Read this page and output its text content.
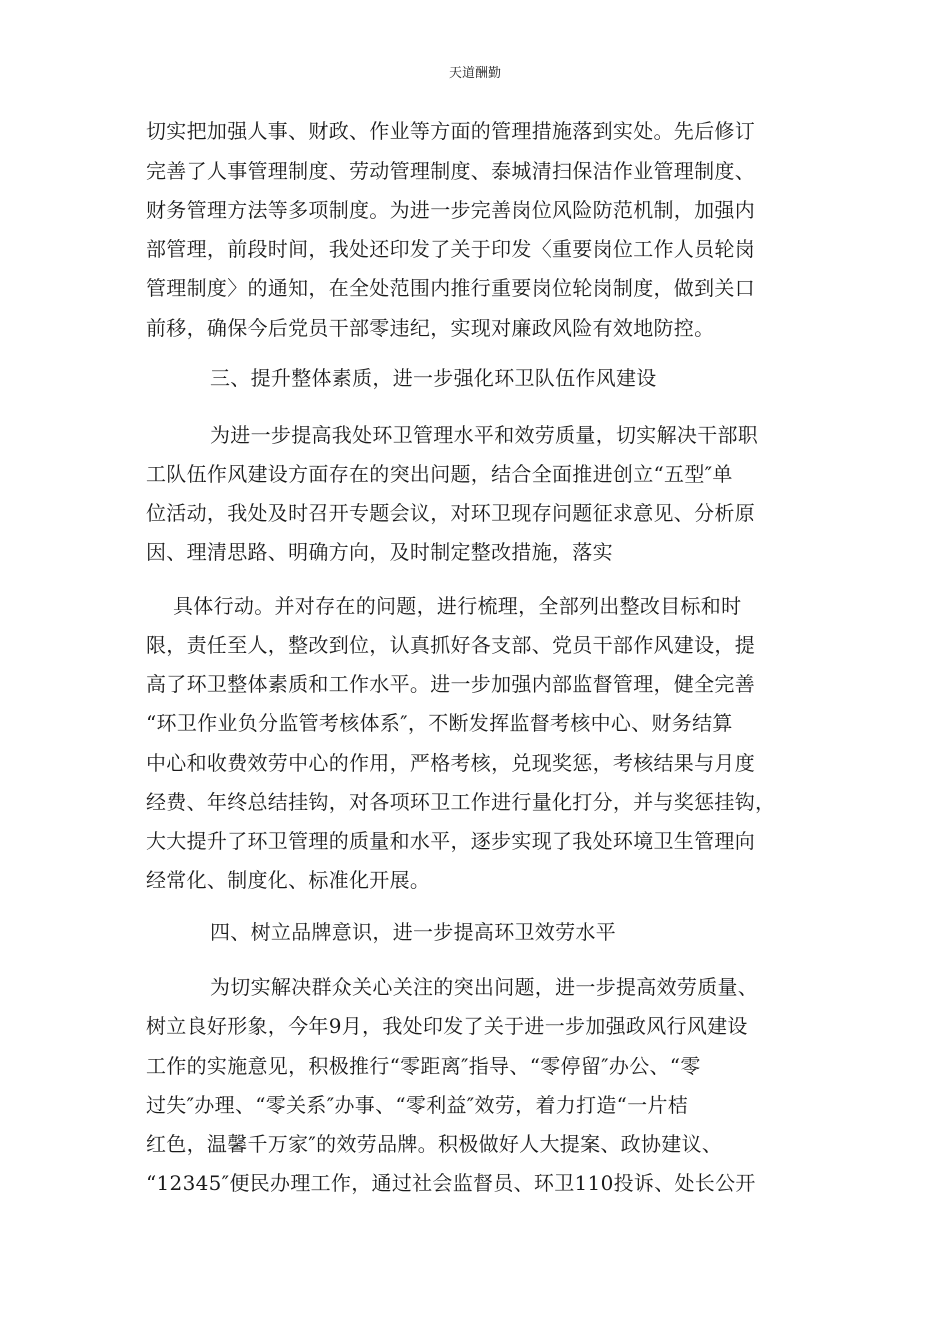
天道酬勤
切实把加强人事、财政、作业等方面的管理措施落到实处。先后修订
完善了人事管理制度、劳动管理制度、泰城清扫保洁作业管理制度、
财务管理方法等多项制度。为进一步完善岗位风险防范机制，加强内
部管理，前段时间，我处还印发了关于印发〈重要岗位工作人员轮岗
管理制度〉的通知，在全处范围内推行重要岗位轮岗制度，做到关口
前移，确保今后党员干部零违纪，实现对廉政风险有效地防控。
三、提升整体素质，进一步强化环卫队伍作风建设
为进一步提高我处环卫管理水平和效劳质量，切实解决干部职
工队伍作风建设方面存在的突出问题，结合全面推进创立“五型″单
位活动，我处及时召开专题会议，对环卫现存问题征求意见、分析原
因、理清思路、明确方向，及时制定整改措施，落实
具体行动。并对存在的问题，进行梳理，全部列出整改目标和时
限，责任至人，整改到位，认真抓好各支部、党员干部作风建设，提
高了环卫整体素质和工作水平。进一步加强内部监督管理，健全完善
“环卫作业负分监管考核体系″，不断发挥监督考核中心、财务结算
中心和收费效劳中心的作用，严格考核，兑现奖惩，考核结果与月度
经费、年终总结挂钩，对各项环卫工作进行量化打分，并与奖惩挂钩，
大大提升了环卫管理的质量和水平，逐步实现了我处环境卫生管理向
经常化、制度化、标准化开展。
四、树立品牌意识，进一步提高环卫效劳水平
为切实解决群众关心关注的突出问题，进一步提高效劳质量、
树立良好形象，今年9月，我处印发了关于进一步加强政风行风建设
工作的实施意见，积极推行“零距离″指导、“零停留″办公、“零
过失″办理、“零关系″办事、“零利益″效劳，着力打造“一片桔
红色，温馨千万家″的效劳品牌。积极做好人大提案、政协建议、
“12345″便民办理工作，通过社会监督员、环卫110投诉、处长公开
